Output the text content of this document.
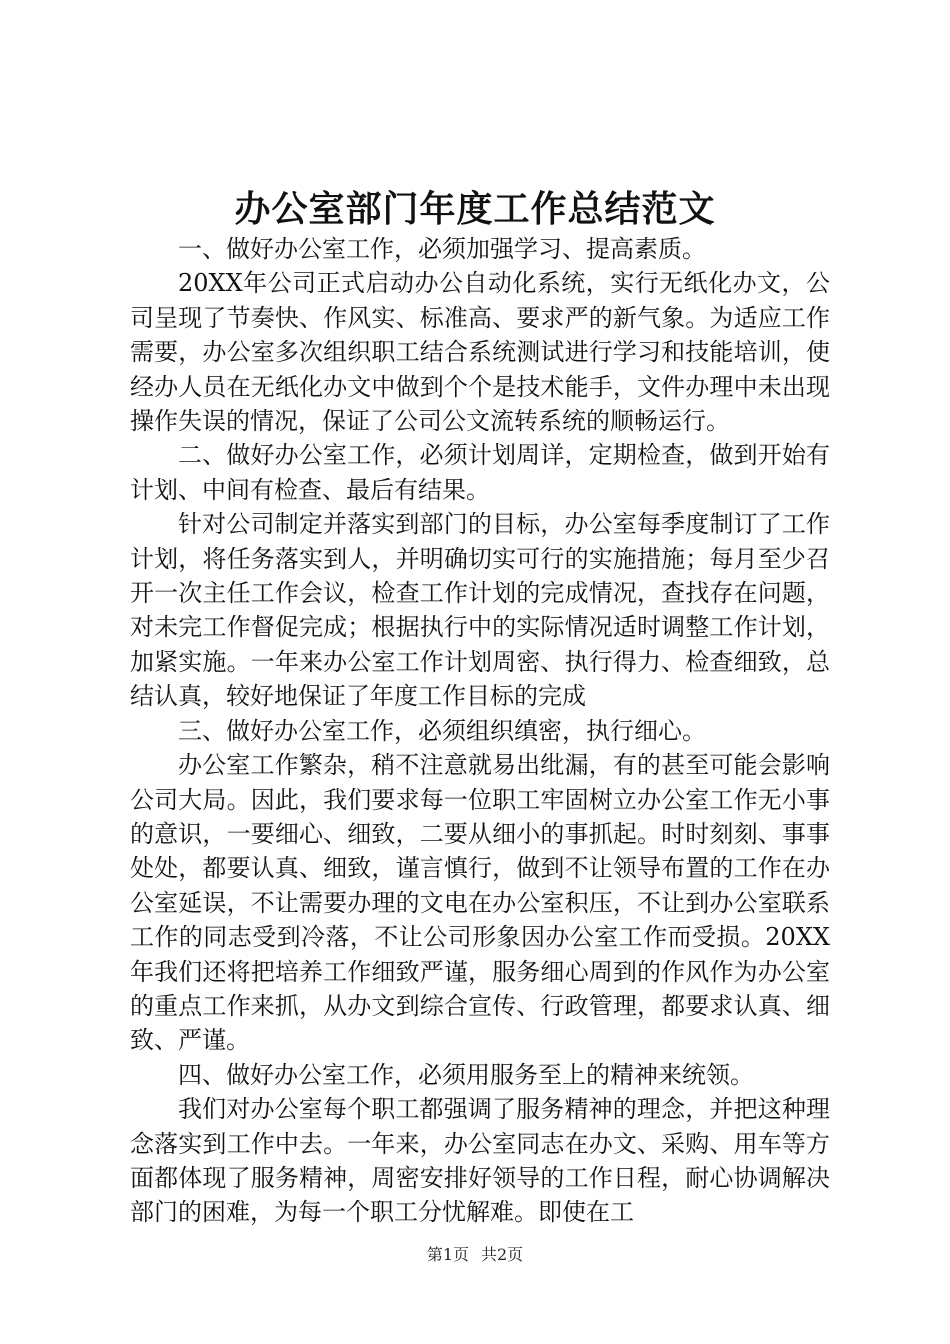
办公室部门年度工作总结范文

一、做好办公室工作，必须加强学习、提高素质。

20XX年公司正式启动办公自动化系统，实行无纸化办文，公司呈现了节奏快、作风实、标准高、要求严的新气象。为适应工作需要，办公室多次组织职工结合系统测试进行学习和技能培训，使经办人员在无纸化办文中做到个个是技术能手，文件办理中未出现操作失误的情况，保证了公司公文流转系统的顺畅运行。

二、做好办公室工作，必须计划周详，定期检查，做到开始有计划、中间有检查、最后有结果。

针对公司制定并落实到部门的目标，办公室每季度制订了工作计划，将任务落实到人，并明确切实可行的实施措施；每月至少召开一次主任工作会议，检查工作计划的完成情况，查找存在问题，对未完工作督促完成；根据执行中的实际情况适时调整工作计划，加紧实施。一年来办公室工作计划周密、执行得力、检查细致，总结认真，较好地保证了年度工作目标的完成

三、做好办公室工作，必须组织缜密，执行细心。

办公室工作繁杂，稍不注意就易出纰漏，有的甚至可能会影响公司大局。因此，我们要求每一位职工牢固树立办公室工作无小事的意识，一要细心、细致，二要从细小的事抓起。时时刻刻、事事处处，都要认真、细致，谨言慎行，做到不让领导布置的工作在办公室延误，不让需要办理的文电在办公室积压，不让到办公室联系工作的同志受到冷落，不让公司形象因办公室工作而受损。20XX年我们还将把培养工作细致严谨，服务细心周到的作风作为办公室的重点工作来抓，从办文到综合宣传、行政管理，都要求认真、细致、严谨。

四、做好办公室工作，必须用服务至上的精神来统领。

我们对办公室每个职工都强调了服务精神的理念，并把这种理念落实到工作中去。一年来，办公室同志在办文、采购、用车等方面都体现了服务精神，周密安排好领导的工作日程，耐心协调解决部门的困难，为每一个职工分忧解难。即使在工

第1页 共2页
